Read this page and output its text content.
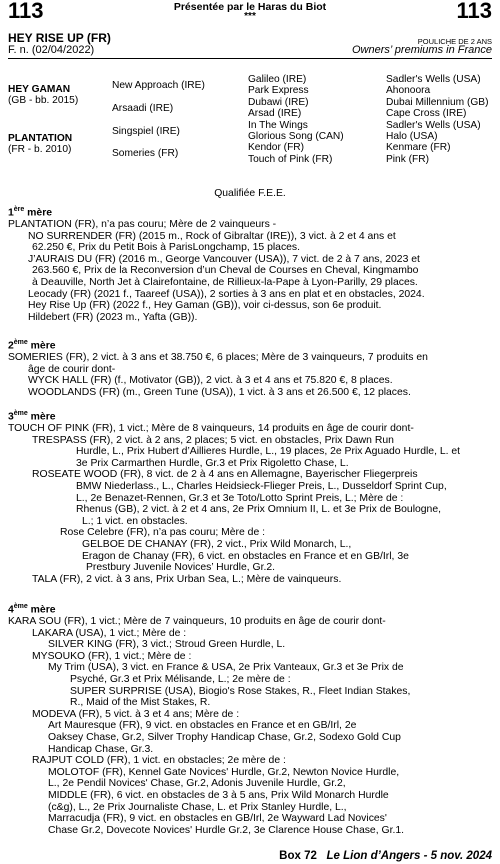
113	113
Présentée par le Haras du Biot
***
HEY RISE UP (FR)
F. n. (02/04/2022)
POULICHE DE 2 ANS
Owners’ premiums in France
HEY GAMAN
(GB - bb. 2015)
PLANTATION
(FR - b. 2010)
New Approach (IRE)
Arsaadi (IRE)
Singspiel (IRE)
Someries (FR)
Galileo (IRE)
Park Express
Dubawi (IRE)
Arsad (IRE)
In The Wings
Glorious Song (CAN)
Kendor (FR)
Touch of Pink (FR)
Sadler's Wells (USA)
Ahonoora
Dubai Millennium (GB)
Cape Cross (IRE)
Sadler's Wells (USA)
Halo (USA)
Kenmare (FR)
Pink (FR)
Qualifiée F.E.E.

1ère mère

PLANTATION (FR), n’a pas couru; Mère de 2 vainqueurs -

NO SURRENDER (FR) (2015 m., Rock of Gibraltar (IRE)), 3 vict. à 2 et 4 ans et

62.250 €, Prix du Petit Bois à ParisLongchamp, 15 places.

J’AURAIS DU (FR) (2016 m., George Vancouver (USA)), 7 vict. de 2 à 7 ans, 2023 et

263.560 €, Prix de la Reconversion d’un Cheval de Courses en Cheval, Kingmambo

à Deauville, North Jet à Clairefontaine, de Rillieux-la-Pape à Lyon-Parilly, 29 places.

Leocady (FR) (2021 f., Taareef (USA)), 2 sorties à 3 ans en plat et en obstacles, 2024.

Hey Rise Up (FR) (2022 f., Hey Gaman (GB)), voir ci-dessus, son 6e produit.

Hildebert (FR) (2023 m., Yafta (GB)).

2ème mère

SOMERIES (FR), 2 vict. à 3 ans et 38.750 €, 6 places; Mère de 3 vainqueurs, 7 produits en

âge de courir dont-

WYCK HALL (FR) (f., Motivator (GB)), 2 vict. à 3 et 4 ans et 75.820 €, 8 places.

WOODLANDS (FR) (m., Green Tune (USA)), 1 vict. à 3 ans et 26.500 €, 12 places.

3ème mère

TOUCH OF PINK (FR), 1 vict.; Mère de 8 vainqueurs, 14 produits en âge de courir dont-

TRESPASS (FR), 2 vict. à 2 ans, 2 places; 5 vict. en obstacles, Prix Dawn Run

Hurdle, L., Prix Hubert d’Aillieres Hurdle, L., 19 places, 2e Prix Aguado Hurdle, L. et

3e Prix Carmarthen Hurdle, Gr.3 et Prix Rigoletto Chase, L.

ROSEATE WOOD (FR), 8 vict. de 2 à 4 ans en Allemagne, Bayerischer Fliegerpreis

BMW Niederlass., L., Charles Heidsieck-Flieger Preis, L., Dusseldorf Sprint Cup,

L., 2e Benazet-Rennen, Gr.3 et 3e Toto/Lotto Sprint Preis, L.; Mère de :

Rhenus (GB), 2 vict. à 2 et 4 ans, 2e Prix Omnium II, L. et 3e Prix de Boulogne,

L.; 1 vict. en obstacles.

Rose Celebre (FR), n’a pas couru; Mère de :

GELBOE DE CHANAY (FR), 2 vict., Prix Wild Monarch, L.,

Eragon de Chanay (FR), 6 vict. en obstacles en France et en GB/Irl, 3e

Prestbury Juvenile Novices’ Hurdle, Gr.2.

TALA (FR), 2 vict. à 3 ans, Prix Urban Sea, L.; Mère de vainqueurs.

4ème mère

KARA SOU (FR), 1 vict.; Mère de 7 vainqueurs, 10 produits en âge de courir dont-

LAKARA (USA), 1 vict.; Mère de :

SILVER KING (FR), 3 vict.; Stroud Green Hurdle, L.

MYSOUKO (FR), 1 vict.; Mère de :

My Trim (USA), 3 vict. en France & USA, 2e Prix Vanteaux, Gr.3 et 3e Prix de

Psyché, Gr.3 et Prix Mélisande, L.; 2e mère de :

SUPER SURPRISE (USA), Biogio's Rose Stakes, R., Fleet Indian Stakes,

R., Maid of the Mist Stakes, R.

MODEVA (FR), 5 vict. à 3 et 4 ans; Mère de :

Art Mauresque (FR), 9 vict. en obstacles en France et en GB/Irl, 2e

Oaksey Chase, Gr.2, Silver Trophy Handicap Chase, Gr.2, Sodexo Gold Cup

Handicap Chase, Gr.3.

RAJPUT COLD (FR), 1 vict. en obstacles; 2e mère de :

MOLOTOF (FR), Kennel Gate Novices' Hurdle, Gr.2, Newton Novice Hurdle,

L., 2e Pendil Novices' Chase, Gr.2, Adonis Juvenile Hurdle, Gr.2,

MIDDLE (FR), 6 vict. en obstacles de 3 à 5 ans, Prix Wild Monarch Hurdle

(c&g), L., 2e Prix Journaliste Chase, L. et Prix Stanley Hurdle, L.,

Marracudja (FR), 9 vict. en obstacles en GB/Irl, 2e Wayward Lad Novices'

Chase Gr.2, Dovecote Novices' Hurdle Gr.2, 3e Clarence House Chase, Gr.1.

Box 72 Le Lion d’Angers - 5 nov. 2024
